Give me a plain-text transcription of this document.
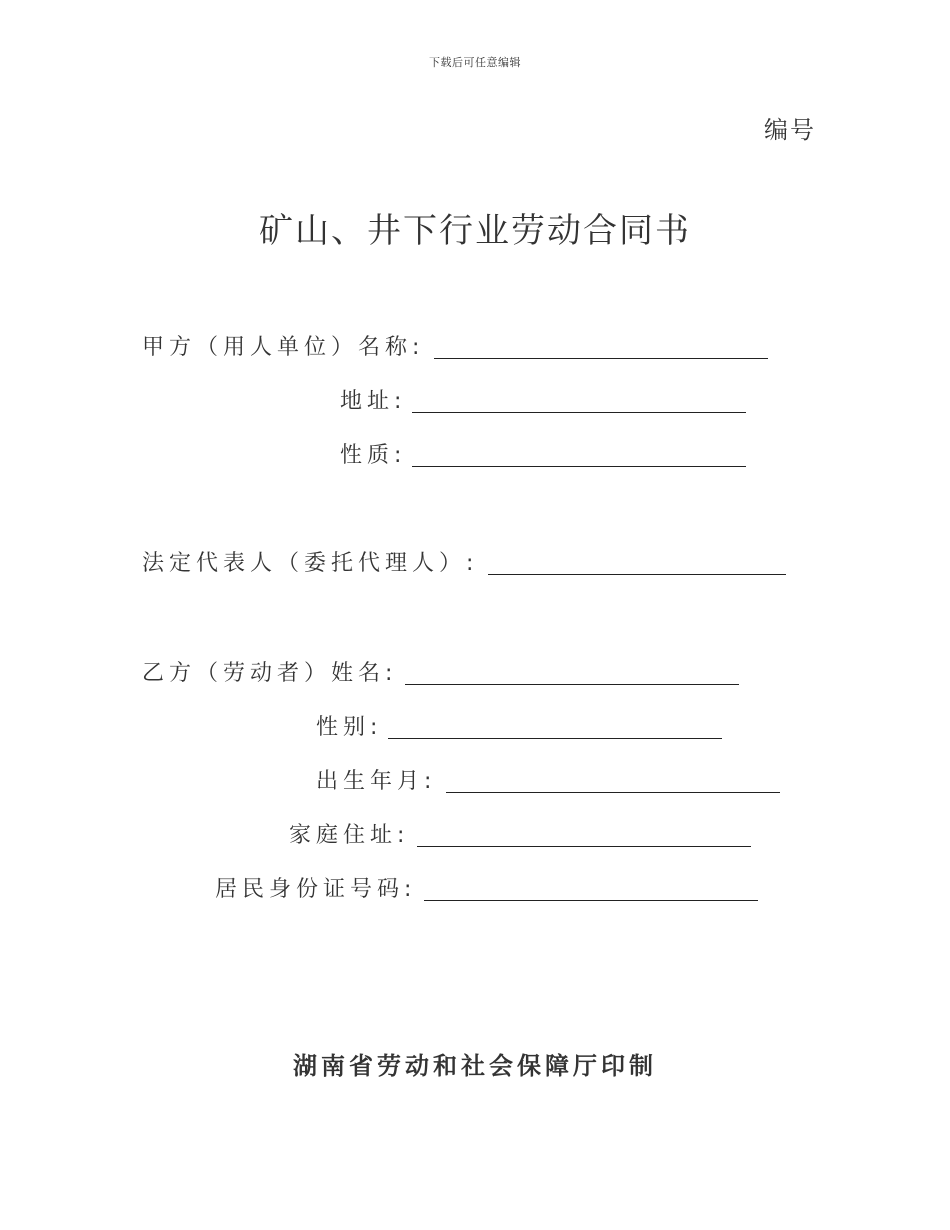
下载后可任意编辑
编号
矿山、井下行业劳动合同书
甲方（用人单位）名称:
地址:
性质:
法定代表人（委托代理人）:
乙方（劳动者）姓名:
性别:
出生年月:
家庭住址:
居民身份证号码:
湖南省劳动和社会保障厅印制
